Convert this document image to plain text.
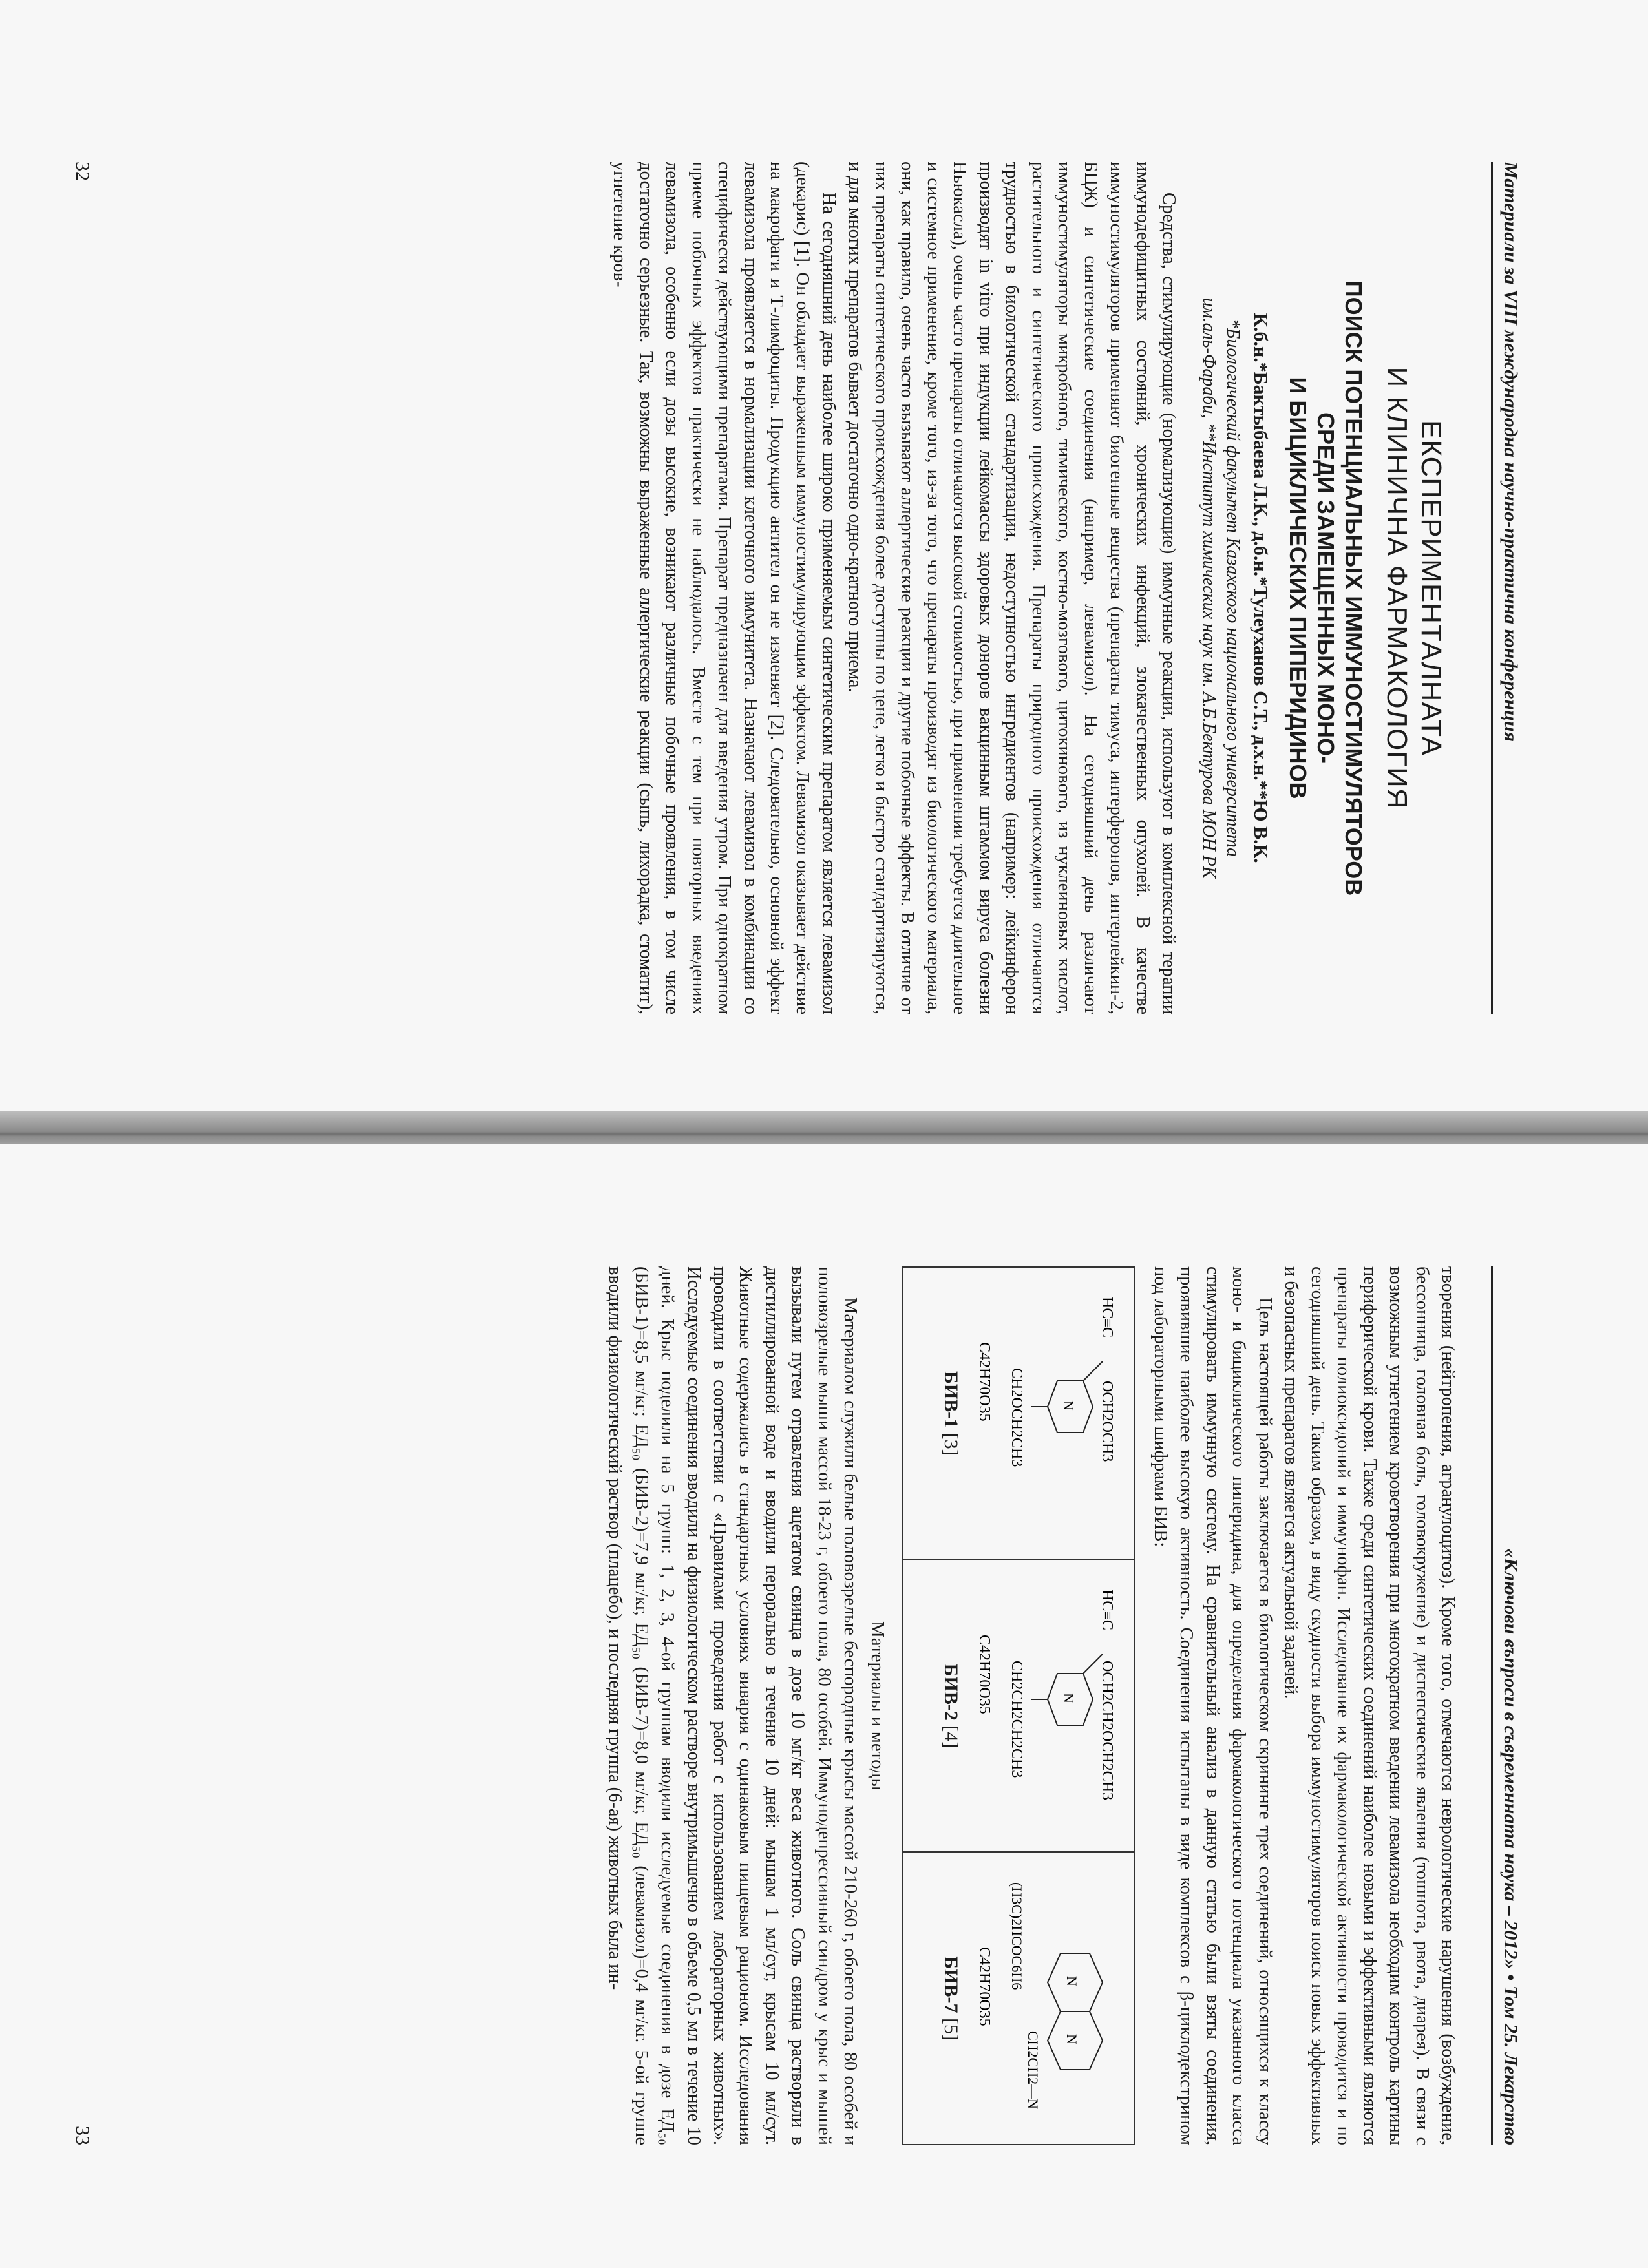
Материали за VIII международна научно-практична конференция
ЕКСПЕРИМЕНТАЛНАТА
И КЛИНИЧНА ФАРМАКОЛОГИЯ
ПОИСК ПОТЕНЦИАЛЬНЫХ ИММУНОСТИМУЛЯТОРОВ
СРЕДИ ЗАМЕЩЕННЫХ МОНО-
И БИЦИКЛИЧЕСКИХ ПИПЕРИДИНОВ
К.б.н.*Бактыбаева Л.К., д.б.н.*Тулеуханов С.Т., д.х.н.**Ю В.К.
*Биологический факультет Казахского национального университета
им.аль-Фараби, **Институт химических наук им. А.Б.Бектурова МОН РК

Средства, стимулирующие (нормализующие) иммунные реакции, используют в комплексной терапии иммунодефицитных состояний, хронических инфекций, злокачественных опухолей. В качестве иммуностимуляторов применяют биогенные вещества (препараты тимуса, интерферонов, интерлейкин-2, БЦЖ) и синтетические соединения (например, левамизол). На сегодняшний день различают иммуностимуляторы микробного, тимического, костно-мозгового, цитокинового, из нуклеиновых кислот, растительного и синтетического происхождения. Препараты природного происхождения отличаются трудностью в биологической стандартизации, недоступностью ингредиентов (например: лейкинферон производят in vitro при индукции лейкомассы здоровых доноров вакцинным штаммом вируса болезни Ньюкасла), очень часто препараты отличаются высокой стоимостью, при применении требуется длительное и системное применение, кроме того, из-за того, что препараты производят из биологического материала, они, как правило, очень часто вызывают аллергические реакции и другие побочные эффекты. В отличие от них препараты синтетического происхождения более доступны по цене, легко и быстро стандартизируются, и для многих препаратов бывает достаточно одно-кратного приема.

На сегодняшний день наиболее широко применяемым синтетическим препаратом является левамизол (декарис) [1]. Он обладает выраженным иммуностимулирующим эффектом. Левамизол оказывает действие на макрофаги и Т-лимфоциты. Продукцию антител он не изменяет [2]. Следовательно, основной эффект левамизола проявляется в нормализации клеточного иммунитета. Назначают левамизол в комбинации со специфически действующими препаратами. Препарат предназначен для введения утром. При однократном приеме побочных эффектов практически не наблюдалось. Вместе с тем при повторных введениях левамизола, особенно если дозы высокие, возникают различные побочные проявления, в том числе достаточно серьезные. Так, возможны выраженные аллергические реакции (сыпь, лихорадка, стоматит), угнетение кров-

32
«Ключови въпроси в съвременната наука – 2012» • Том 25. Лекарство

творения (нейтропения, агранулоцитоз). Кроме того, отмечаются неврологические нарушения (возбуждение, бессонница, головная боль, головокружение) и диспепсические явления (тошнота, рвота, диарея). В связи с возможным угнетением кроветворения при многократном введении левамизола необходим контроль картины периферической крови. Также среди синтетических соединений наиболее новыми и эффективными являются препараты полиоксидоний и иммунофан. Исследование их фармакологической активности проводится и по сегодняшний день. Таким образом, в виду скудности выбора иммуностимуляторов поиск новых эффективных и безопасных препаратов является актуальной задачей.

Цель настоящей работы заключается в биологическом скрининге трех соединений, относящихся к классу моно- и бициклического пиперидина, для определения фармакологического потенциала указанного класса стимулировать иммунную систему. На сравнительный анализ в данную статью были взяты соединения, проявившие наиболее высокую активность. Соединения испытаны в виде комплексов с β-циклодекстрином под лабораторными шифрами БИВ:

HC≡C
OCH2OCH3
N
CH2OCH2CH3
C42H70O35
БИВ-1 [3]

HC≡C
OCH2CH2OCH2CH3
N
CH2CH2CH2CH3
C42H70O35
БИВ-2 [4]

N
N
CH2CH2—N
(H3C)2HCOC6H6
C42H70O35
БИВ-7 [5]
Материалы и методы

Материалом служили белые половозрелые беспородные крысы массой 210-260 г, обоего пола, 80 особей и половозрелые мыши массой 18-23 г, обоего пола, 80 особей. Иммунодепрессивный синдром у крыс и мышей вызывали путем отравления ацетатом свинца в дозе 10 мг/кг веса животного. Соль свинца растворяли в дистиллированной воде и вводили перорально в течение 10 дней: мышам 1 мл/сут, крысам 10 мл/сут. Животные содержались в стандартных условиях вивария с одинаковым пищевым рационом. Исследования проводили в соответствии с «Правилами проведения работ с использованием лабораторных животных». Исследуемые соединения вводили на физиологическом растворе внутримышечно в объеме 0,5 мл в течение 10 дней. Крыс поделили на 5 групп: 1, 2, 3, 4-ой группам вводили исследуемые соединения в дозе ЕД₅₀ (БИВ-1)=8,5 мг/кг; ЕД₅₀ (БИВ-2)=7,9 мг/кг, ЕД₅₀ (БИВ-7)=8,0 мг/кг, ЕД₅₀ (левамизол)=0,4 мг/кг. 5-ой группе вводили физиологический раствор (плацебо), и последняя группа (6-ая) животных была ин-

33
